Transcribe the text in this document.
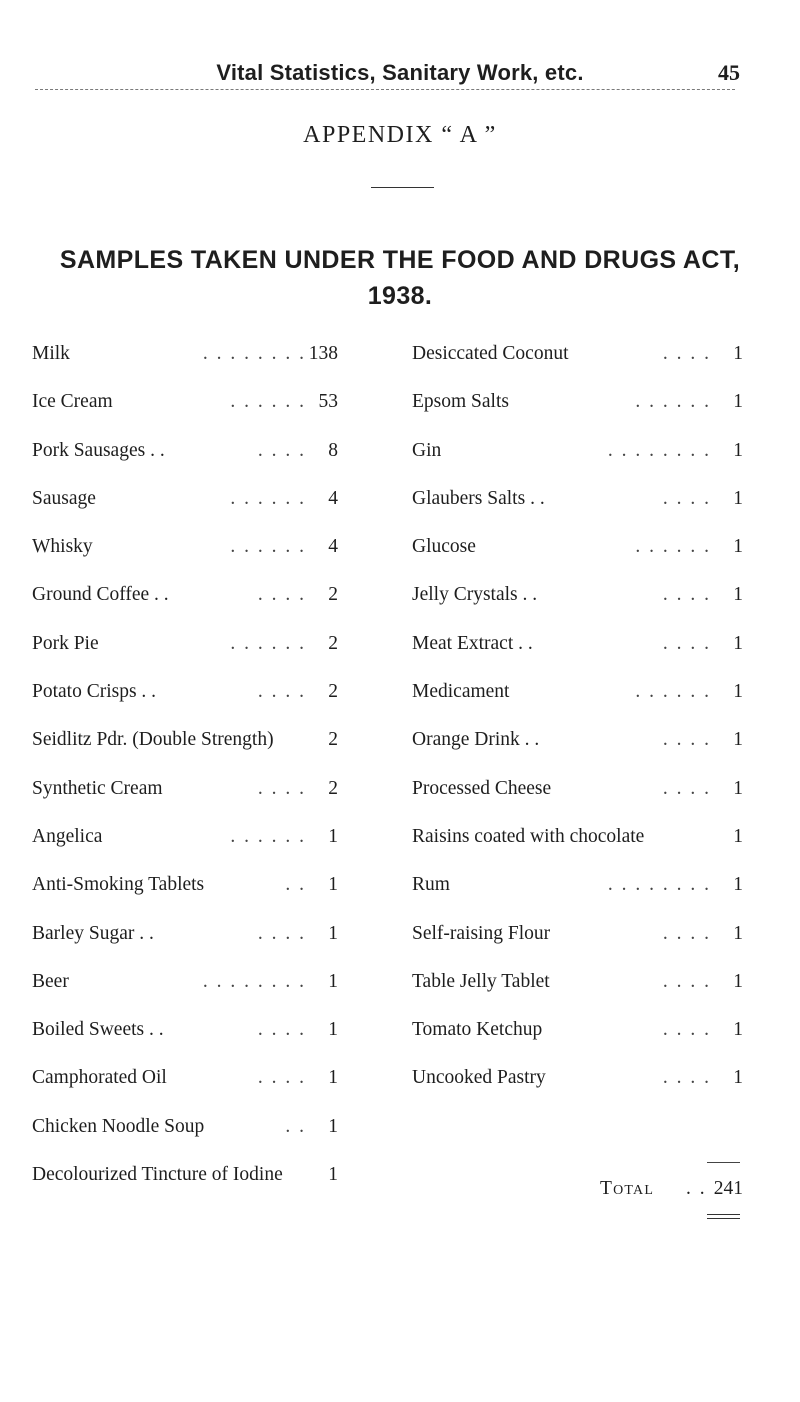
Vital Statistics, Sanitary Work, etc.	45
APPENDIX “ A ”
SAMPLES TAKEN UNDER THE FOOD AND DRUGS ACT,
1938.
Milk	. . . . . . . . 138
Ice Cream	. . . . . . 53
Pork Sausages . .	. . . . 8
Sausage	. . . . . . 4
Whisky	. . . . . . 4
Ground Coffee . .	. . . . 2
Pork Pie	. . . . . . 2
Potato Crisps . .	. . . . 2
Seidlitz Pdr. (Double Strength)	2
Synthetic Cream	. . . . 2
Angelica	. . . . . . 1
Anti-Smoking Tablets	. . 1
Barley Sugar . .	. . . . 1
Beer	. . . . . . . . 1
Boiled Sweets . .	. . . . 1
Camphorated Oil	. . . . 1
Chicken Noodle Soup	. . 1
Decolourized Tincture of Iodine 1
Desiccated Coconut	. . . . 1
Epsom Salts	. . . . . . 1
Gin	. . . . . . . . 1
Glaubers Salts . .	. . . . 1
Glucose	. . . . . . 1
Jelly Crystals . .	. . . . 1
Meat Extract . .	. . . . 1
Medicament	. . . . . . 1
Orange Drink . .	. . . . 1
Processed Cheese	. . . . 1
Raisins coated with chocolate	1
Rum	. . . . . . . . 1
Self-raising Flour	. . . . 1
Table Jelly Tablet	. . . . 1
Tomato Ketchup	. . . . 1
Uncooked Pastry	. . . . 1
Total . . 241
